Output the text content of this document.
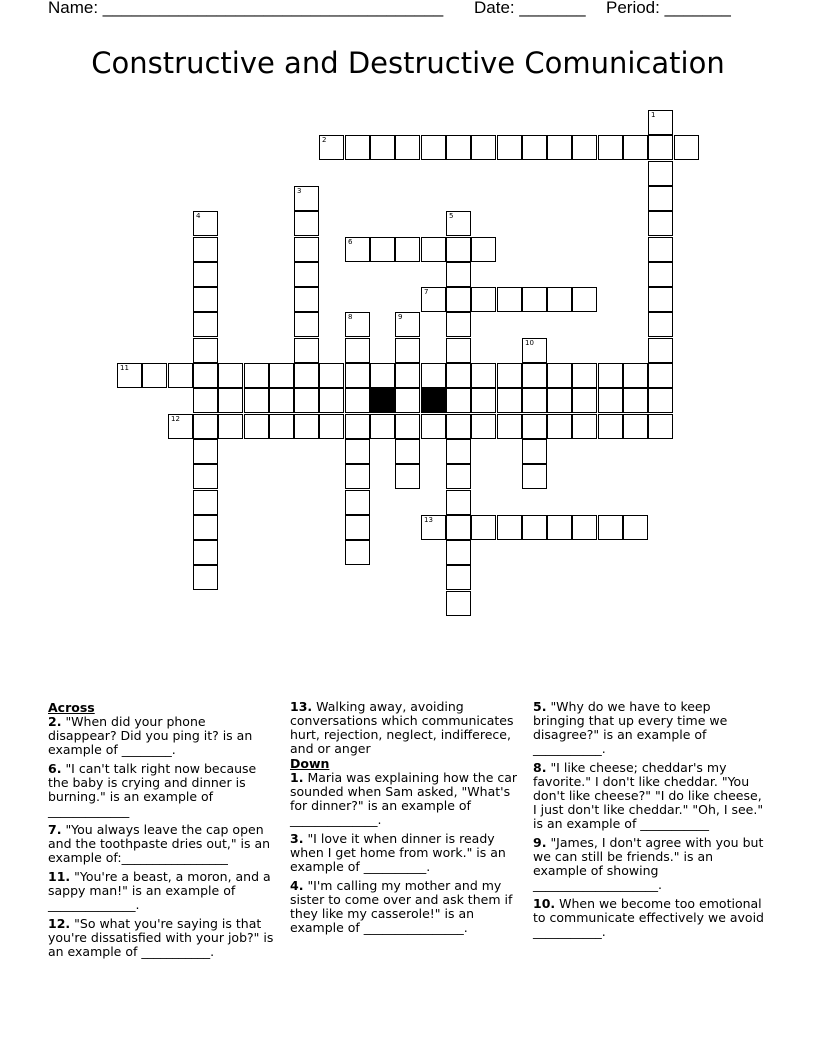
Name: ____________________________________ Date: _______ Period: _______
Constructive and Destructive Comunication
2
6
7
11
12
13
1
3
4	5
8	9
10
Across
2. "When did your phone disappear? Did you ping it? is an example of ________.
6. "I can't talk right now because the baby is crying and dinner is burning." is an example of _____________
7. "You always leave the cap open and the toothpaste dries out," is an example of:_________________
11. "You're a beast, a moron, and a sappy man!" is an example of ______________.
12. "So what you're saying is that you're dissatisfied with your job?" is an example of ___________.
13. Walking away, avoiding conversations which communicates hurt, rejection, neglect, indifferece, and or anger
Down
1. Maria was explaining how the car sounded when Sam asked, "What's for dinner?" is an example of ______________.
3. "I love it when dinner is ready when I get home from work." is an example of __________.
4. "I'm calling my mother and my sister to come over and ask them if they like my casserole!" is an example of ________________.
5. "Why do we have to keep bringing that up every time we disagree?" is an example of ___________.
8. "I like cheese; cheddar's my favorite." I don't like cheddar. "You don't like cheese?" "I do like cheese, I just don't like cheddar." "Oh, I see." is an example of ___________
9. "James, I don't agree with you but we can still be friends." is an example of showing ____________________.
10. When we become too emotional to communicate effectively we avoid ___________.
